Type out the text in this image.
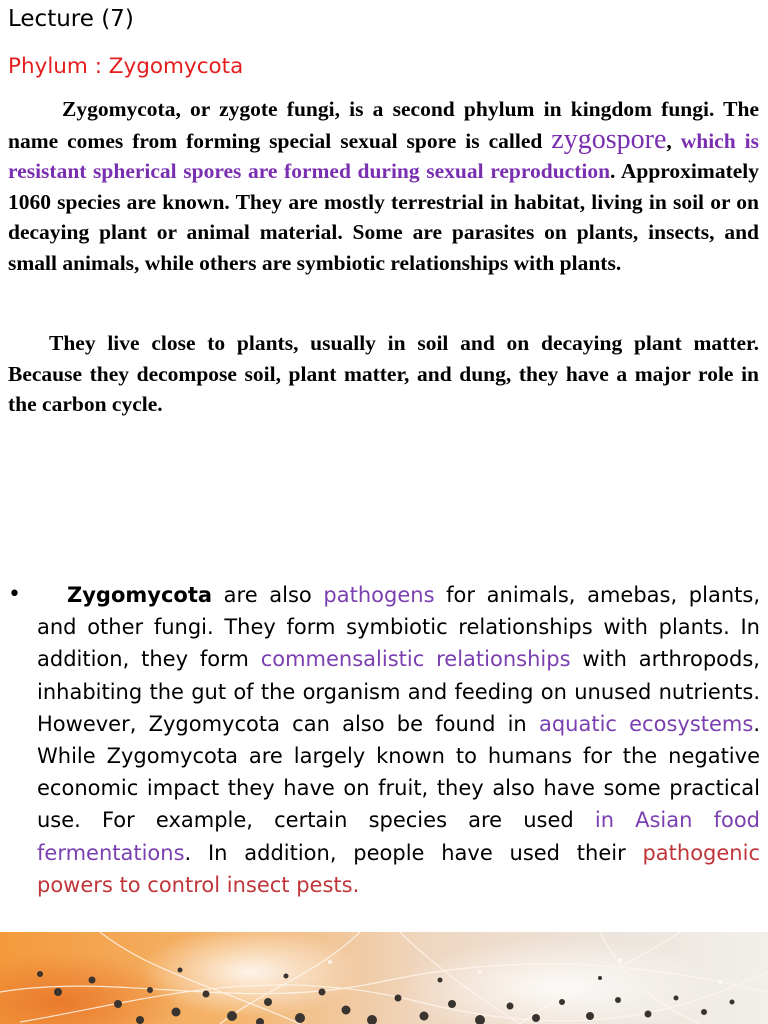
Lecture (7)
Phylum : Zygomycota

Zygomycota, or zygote fungi, is a second phylum in kingdom fungi. The name comes from forming special sexual spore is called zygospore, which is resistant spherical spores are formed during sexual reproduction. Approximately 1060 species are known. They are mostly terrestrial in habitat, living in soil or on decaying plant or animal material. Some are parasites on plants, insects, and small animals, while others are symbiotic relationships with plants.

They live close to plants, usually in soil and on decaying plant matter. Because they decompose soil, plant matter, and dung, they have a major role in the carbon cycle.

•	Zygomycota are also pathogens for animals, amebas, plants, and other fungi. They form symbiotic relationships with plants. In addition, they form commensalistic relationships with arthropods, inhabiting the gut of the organism and feeding on unused nutrients. However, Zygomycota can also be found in aquatic ecosystems. While Zygomycota are largely known to humans for the negative economic impact they have on fruit, they also have some practical use. For example, certain species are used in Asian food fermentations. In addition, people have used their pathogenic powers to control insect pests.
